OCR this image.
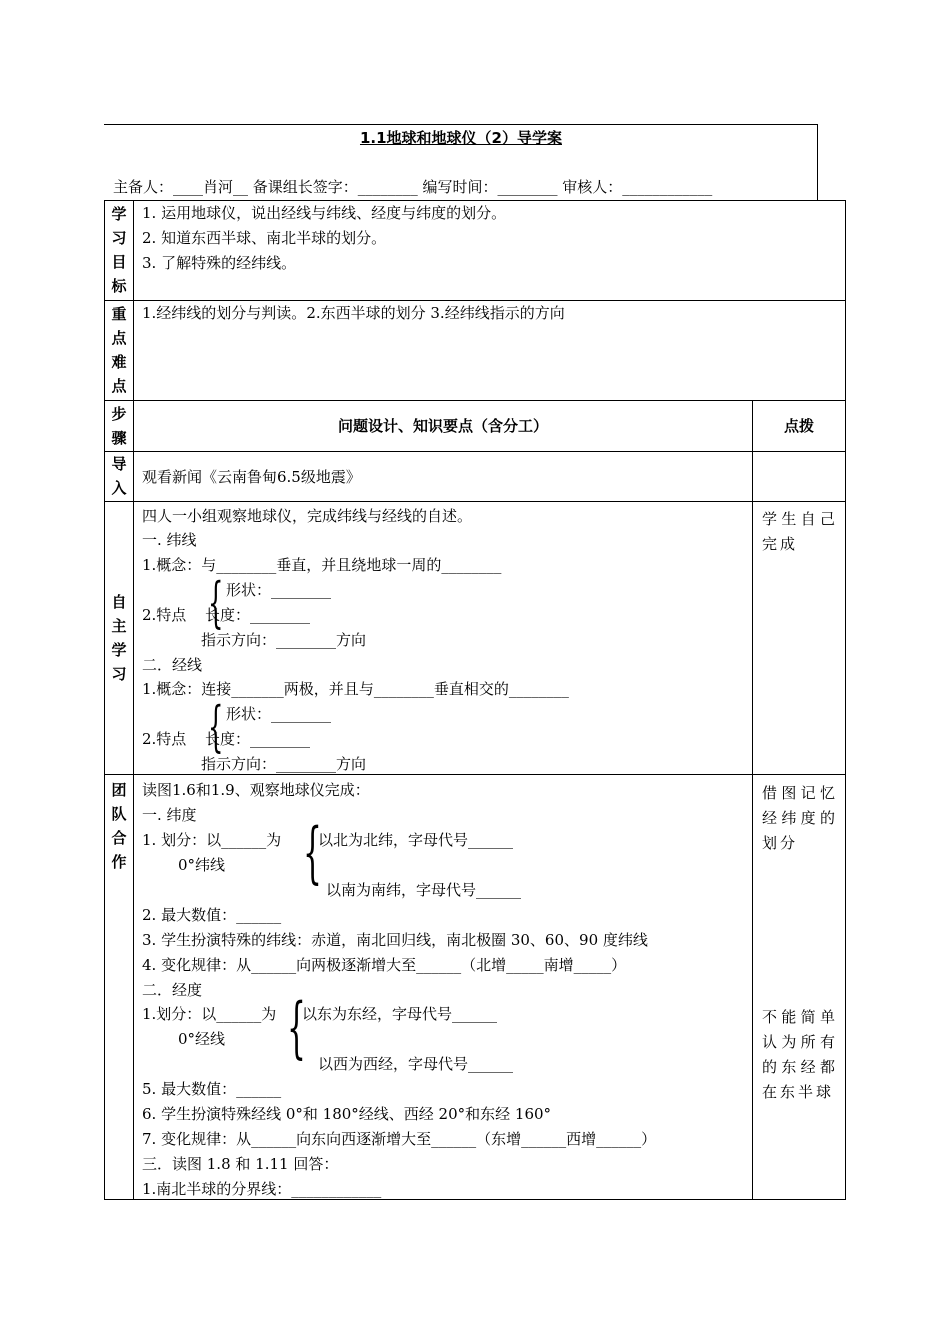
1.1地球和地球仪（2）导学案
主备人：____肖河__ 备课组长签字：________ 编写时间：________ 审核人：____________
学
习
目
标
1. 运用地球仪，说出经线与纬线、经度与纬度的划分。
2. 知道东西半球、南北半球的划分。
3. 了解特殊的经纬线。
重
点
难
点
1.经纬线的划分与判读。2.东西半球的划分 3.经纬线指示的方向
步
骤
问题设计、知识要点（含分工）	点拨
导
入
观看新闻《云南鲁甸6.5级地震》
自
主
学
习
四人一小组观察地球仪，完成纬线与经线的自述。
一. 纬线
1.概念：与________垂直，并且绕地球一周的________
形状：________
2.特点 长度：________
指示方向：________方向
{
二．经线
1.概念：连接_______两极，并且与________垂直相交的________
形状：________
2.特点 长度：________
指示方向：________方向
{
学生自己完成
团
队
合
作
读图1.6和1.9、观察地球仪完成：
一. 纬度
1. 划分：以______为 以北为北纬，字母代号______
0°纬线
以南为南纬，字母代号______
{
2. 最大数值：______
3. 学生扮演特殊的纬线：赤道，南北回归线，南北极圈 30、60、90 度纬线
4. 变化规律：从______向两极逐渐增大至______（北增_____南增_____）
二．经度
1.划分：以______为 以东为东经，字母代号______
0°经线
以西为西经，字母代号______
{
5. 最大数值：______
6. 学生扮演特殊经线 0°和 180°经线、西经 20°和东经 160°
7. 变化规律：从______向东向西逐渐增大至______（东增______西增______）
三．读图 1.8 和 1.11 回答：
1.南北半球的分界线：____________
借图记忆经纬度的划分
不能简单认为所有的东经都在东半球
